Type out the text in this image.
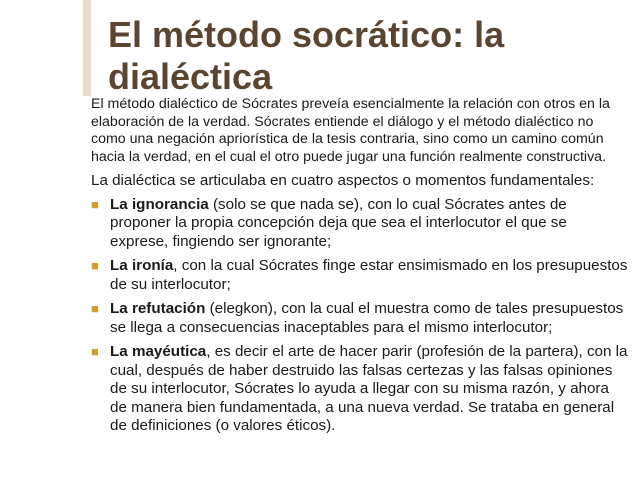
El método socrático: la dialéctica

El método dialéctico de Sócrates preveía esencialmente la relación con otros en la elaboración de la verdad. Sócrates entiende el diálogo y el método dialéctico no como una negación apriorística de la tesis contraria, sino como un camino común hacia la verdad, en el cual el otro puede jugar una función realmente constructiva.

La dialéctica se articulaba en cuatro aspectos o momentos fundamentales:

■ La ignorancia (solo se que nada se), con lo cual Sócrates antes de proponer la propia concepción deja que sea el interlocutor el que se exprese, fingiendo ser ignorante;
■ La ironía, con la cual Sócrates finge estar ensimismado en los presupuestos de su interlocutor;
■ La refutación (elegkon), con la cual el muestra como de tales presupuestos se llega a consecuencias inaceptables para el mismo interlocutor;
■ La mayéutica, es decir el arte de hacer parir (profesión de la partera), con la cual, después de haber destruido las falsas certezas y las falsas opiniones de su interlocutor, Sócrates lo ayuda a llegar con su misma razón, y ahora de manera bien fundamentada, a una nueva verdad. Se trataba en general de definiciones (o valores éticos).
